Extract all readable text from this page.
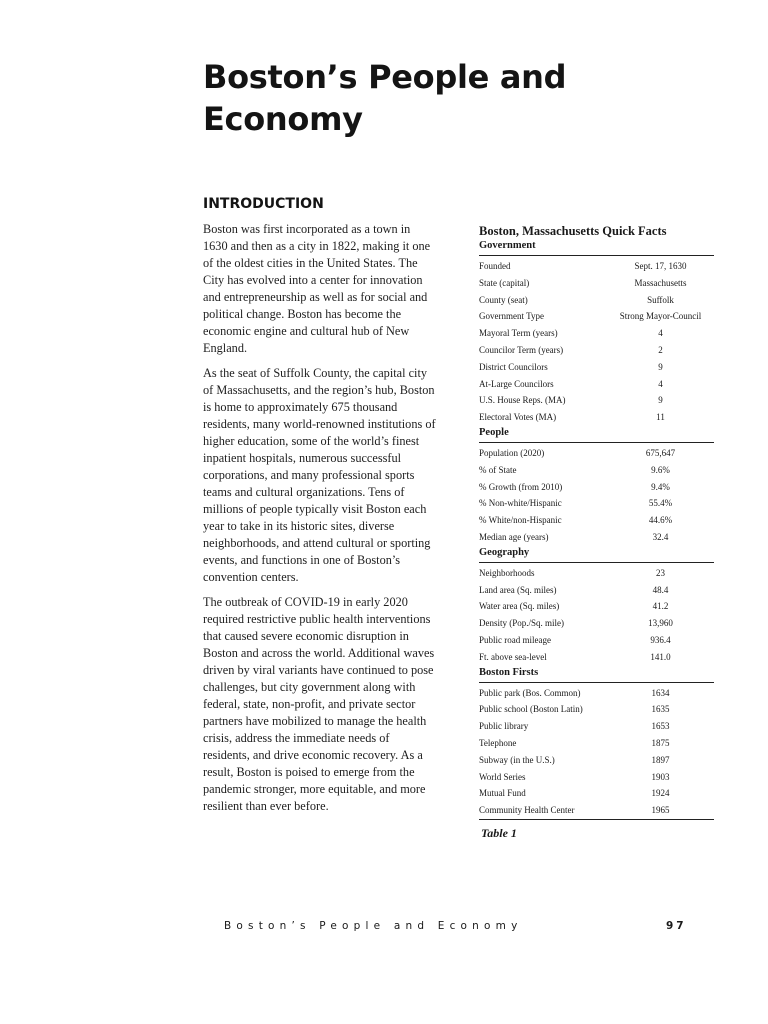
Boston’s People and Economy
INTRODUCTION

Boston was first incorporated as a town in 1630 and then as a city in 1822, making it one of the oldest cities in the United States. The City has evolved into a center for innovation and entrepreneurship as well as for social and political change. Boston has become the economic engine and cultural hub of New England.

As the seat of Suffolk County, the capital city of Massachusetts, and the region’s hub, Boston is home to approximately 675 thousand residents, many world-renowned institutions of higher education, some of the world’s finest inpatient hospitals, numerous successful corporations, and many professional sports teams and cultural organizations. Tens of millions of people typically visit Boston each year to take in its historic sites, diverse neighborhoods, and attend cultural or sporting events, and functions in one of Boston’s convention centers.

The outbreak of COVID-19 in early 2020 required restrictive public health interventions that caused severe economic disruption in Boston and across the world. Additional waves driven by viral variants have continued to pose challenges, but city government along with federal, state, non-profit, and private sector partners have mobilized to manage the health crisis, address the immediate needs of residents, and drive economic recovery. As a result, Boston is poised to emerge from the pandemic stronger, more equitable, and more resilient than ever before.

Boston, Massachusetts Quick Facts
Government
Founded	Sept. 17, 1630
State (capital)	Massachusetts
County (seat)	Suffolk
Government Type	Strong Mayor-Council
Mayoral Term (years)	4
Councilor Term (years)	2
District Councilors	9
At-Large Councilors	4
U.S. House Reps. (MA)	9
Electoral Votes (MA)	11
People
Population (2020)	675,647
% of State	9.6%
% Growth (from 2010)	9.4%
% Non-white/Hispanic	55.4%
% White/non-Hispanic	44.6%
Median age (years)	32.4
Geography
Neighborhoods	23
Land area (Sq. miles)	48.4
Water area (Sq. miles)	41.2
Density (Pop./Sq. mile)	13,960
Public road mileage	936.4
Ft. above sea-level	141.0
Boston Firsts
Public park (Bos. Common)	1634
Public school (Boston Latin)	1635
Public library	1653
Telephone	1875
Subway (in the U.S.)	1897
World Series	1903
Mutual Fund	1924
Community Health Center	1965
Table 1
Boston’s People and Economy	97
